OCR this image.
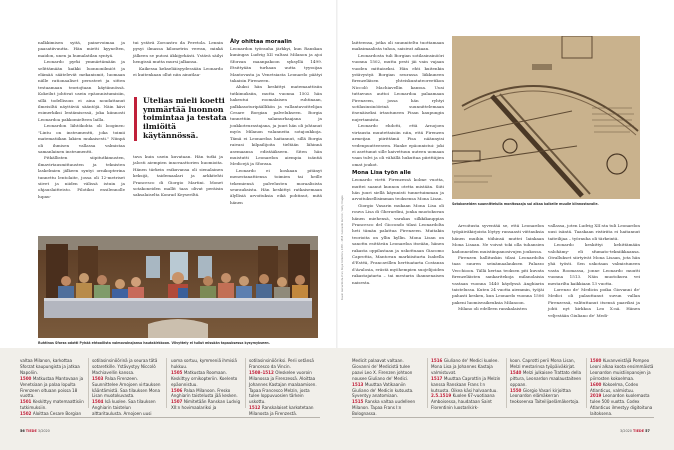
nalkkimisen syitä, painevoimaa ja paasatiivuutta. Hän mietti kyynelten, maidon, unen ja humalatilan syntyä.

Leonardo pyrki ymmärtämään ja selittämään kaikki luonnonilmiöt ja elämää säätelevät mekanismit, luomaan niille rationaaliset perusteet ja sitten testaamaan teoriojtaan käytännössä. Kokeilut johtivat usein epäonnistumisiin, sillä todellisuus ei aina noudattanut ilmeisiltä näyttäviä sääntöjä. Näin kävi esimerkiksi lentämisessä, joka kiinnosti Leonardoa pakkomielteen lailla.

Leonardon lähtökohta oli looginen: "Lintu on instrumentti, joka toimii matematiikan lakien mukaisesti." Niinpä oli ihmisen vallassa valmistaa samanlainen instrumentti.

Pitkällisten siipitutkimusten, ilmavirtausmittausten ja teknisten laskelmien jälkeen syntyi ornikopterina tunnettu lentolaite, jossa oli 12-metriset siivet ja niiden välissä istuin ja ohjauslaitteisto. Pilotiksi ensilennolle lupau-

tui ystävä Zoroastro da Peretola. Lennin pysyi ilmassa kilometrin verran, minkä jälkeen se putosi äkkijyrkästi. Ystävä säilyi hengissä mutta mursi jalkansa.

Kaikessa kekseliäisyydessään Leonardo ei kuitenkaan ollut niin ainutlaa-

Utelias mieli koetti ymmärtää luonnon toimintaa ja testata ilmiöitä käytännössä.

tava kuin usein kuvataan. Hän tutki ja jalosti aiempien innovaattorien huomioita. Hänen tärkein esikuvansa oli sienalainen keksijä, taidemaalari ja arkkitehti Francesco di Giorgio Martini. Monet sotakoneiden mallit taas olivat peräisin saksalaiselta Konrad Keyseriltä.

Äly ohittaa moraalin

Leonardon työrauha järkkyi, kun Ranskan kuningas Ludvig XII valtasi Milanon ja ajoi Sforzan maanpakoon syksyllä 1499. Etsittyään turhaan uutta tyyssijaa Mantovasta ja Venetsiasta Leonardo päätyi takaisin Firenzeen.

Aluksi hän keskittyi matemaattisiin tutkimuksiin, mutta vuonna 1502 hän hakeutui roomalaisen ruhtinaan, palkkasoturipäällikön ja vallantavoittelijan Cesare Borgian palvelukseen. Borgia tunnettiin salamurhaajana ja joukkoteurastajana, ja juuri hän oli johtanut myös Milanon valanneita sotajoukkoja. Tämä ei Leonardoa haitannut, sillä Borgia raivasi kilpailijoita tieltään lähinnä asemaansa edistääkseen. Siten hän muistutti Leonardon aiempia isäntiä Medicejä ja Sforzaa.

Leonardo ei koskaan pitänyt menestanattiensa toimien tai heille tekemiensä palvelusten moraalisista seurauksista. Hän keskittyi ratkaisemaan älyllisiä arvoituksia eikä pohtinut, mitä hänen

Ruhtinas Sforza odotti Pyhää ehtoollista vaimovainajansa hautakirkkoon. Viivyttely ei tullut missään tapauksessa kysymykseen.
Kuvat: Leonardo da Vinci, Royal Collection, 1478 – 1518 / Leonardo da Vinci / Getty Images

laitteensa, jotka oli suunniteltu tuottamaan maksimaalista tuhoa, saisivat aikaan.

Leonardosta tuli Borgian sotilasinsinööri vuonna 1502, mutta pesti jäi vain vajaan vuoden mittaiseksi. Hän ehti kuitenkin ystävystyä Borgian seurassa liikkuneen firenzeläisen yhteiskuntateoreetikon Niccolò Machiavellin kanssa. Uusi tuttavuus auttoi Leonardoa palaamaan Firenzeen, jossa hän ryhtyi sotilasinsinöörinä suunnittelemaan itsenäiseksi irtautuneen Pisan kaupungin nujertamista.

Leonardo ehdotti, että Arnojoen virtausta muutettaisiin niin, että Firenzen armeijan piirittämä Pisa näännyisi vedenpuutteeseen. Hanke epäonnistui: joki ei asettunut sille kaivettuun uuteen uomaan vaan tulvi ja oli vähällä hukuttaa piirittäjien omat joukot.

Mona Lisa työn alle

Leonardo vietti Firenzessä kolme vuotta, muttei saanut kunnon otetta mistään. Siiti hän juuri siellä käynnisti tunnetuimman ja arvoituksellisimman teoksensa Mona Lisan.

Giorgio Vasarin mukaan Mona Lisa oli rouva Lisa di Gherardini, jonka muotokuvan hänen miehensä, varakas silkkikauppias Francesco del Giocondo tilasi Leonardolta heti tämän palattua Firenzeen. Muitakin teorioita on yllin kyllin. Mona Lisan on sanottu esittävän Leonardoa itseään, hänen rakasta oppilastaan ja uskottuaan Giacomo Caprottia, Mantovan markiisitarta Isabella d'Estéä, Francavillen herttuatarta Costanza d'Avalosia, erästä myöhempien suojelijoiden rakastajatarta – tai mestarin ihannenaisen naisesta.

Sotakoneiden suunnittelulla monitosaaja sai aikaa kaikelle muulle kiinnostavalle.

Arvoitusta syventää se, että Leonardon työpäiväkirjoista löytyy runsaasti viittauksia hänen muihin töihinsä muttei lainkaan Mona Lisaan. Ne voivat toki olla tuhansien kadonneiden muistiinpanosivujen joukossa.

Firenzen hallituskin tilasi Leonardolta taas suuren seinämaalauksen Palazzo Vecchioon. Tällä kertaa teoksen piti kuvata firenzeläisten sankaritekoja milanolaisia vastaan vuonna 1440 käydyssä Anghiarin taistelussa. Kuten 24 vuotta aiemmin, työjäi pahasti kesken, kun Leonardo vuonna 1506 pakeni luomisvaikeuksia Milanoon.

Milano oli edelleen ranskalaisten

vallassa, joten Ludvig XII:sta tuli Leonardon uusi isäntä. Taaskaan ristiriita ei haitannut taiteilijaa – työrauha oli tärkeintä.

Leonardo keskittyi kehittämään valohämy- eli sfumato-tekniikkaansa. Oivallukset siirtyivät Mona Lisaan, jota hän yhä työsti. Sen uskotaan valmistuneen vasta Roomassa, jonne Leonardo muutti vuonna 1513. Näin muotokuva vei mestarilta kaikkiaan 13 vuotta.

Lorenzo de' Medicin poika Giovanni de' Medici oli palauttanut suvun vallan Firenzessä, valituttanut itsensä paaviksi ja johti nyt kirkkoa Leo X:nä. Hänen veljestään Giuliano de' Medi-

valtaa Milanon, karkottaa Sforzat kaupungista ja jatkaa Napoliin.
1500 Matkustaa Mantovaan ja Venetsiaan ja palaa lopulta Firenzeen oltuaan poissa 18 vuotta.
1501 Keskittyy matemaattisiin tutkimuksiin.
1502 Aloittaa Cesare Borgian
sotilasinsinöörinä ja seuraa tätä sotaretkille. Ystävystyy Niccolò Machiavellin kanssa.
1503 Palaa Firenzeen. Suunnittelee Arnojoen virtauksen kääntämistä. Saa tilauksen Mona Lisan muotokuvasta.
1504 Isä kuolee. Saa tilauksen Anghiarin taistelun alttaritaulusta. Arnojoen uusi
uoma sortuu, kymmeniä ihmisiä hukkuu.
1505 Matkustaa Roomaan. Keskittyy ornikopteriin. Koelento epäonnistuu.
1506 Palaa Milanoon. Fresko Anghiarin taistelusta jää kesken.
1507 Nimitetään Ranskan Ludvig XII:n hovimaalariksi ja
sotilasinsinööriksi. Perii setänsä Francesco da Vincin.
1508–1512 Oleskelee vuoroin Milanossa ja Firenzessä. Aloittaa Johannes Kastajan maalaamisen. Tapaa Francesco Melzin, josta tulee loppuvuosien tärkein uskottu.
1512 Ranskalaiset karkotetaan Milanosta ja Firenzestä.
Medicit palaavat valtaan. Giovanni de' Medicistä tulee paavi Leo X. Firenzen johtoon nousee Giuliano de' Medici.
1513 Muuttaa Vatikaaniin Giuliano de' Medicin kutsusta. Syventyy anatomiaan.
1515 Ranska valtaa uudelleen Milanon. Tapaa Frans I:n Bolognassa.
1516 Giuliano de' Medici kuolee. Mona Lisa ja Johannes Kastaja valmistuvat.
1517 Muuttaa Caprottin ja Melzin kanssa Ranskaan Frans I:n kutsusta. Oikea käsi halvaantuu.
2.5.1519 Kuolee 67-vuotiaana Amboisessa, haudataan Saint Florentinin luostarikirk-
koon. Caprotti perii Mona Lisan, Melzi mestarinsa työpäiväkirjat.
1540 Melzi julkaisee Trattato della pittura, Leonardon maalaustaiteen oppaan.
1550 Giorgio Vasari kirjoittaa Leonardon elämäkerran teokseensa Taiteilijaelämäkertoja.
1580 Kuvanveistäjä Pompeo Leoni alkaa koota ensimmäistä Leonardon muistiinpanojen ja piirrosten kokoelmaa.
1600 Kokoelma, Codex Atlanticus, valmistuu.
2019 Leonardon kuolemasta tulee 500 vuotta. Codex Atlanticus ilmestyy digitoituna laitoksena.
56 TIEDE 3/2020	3/2020 TIEDE 57
